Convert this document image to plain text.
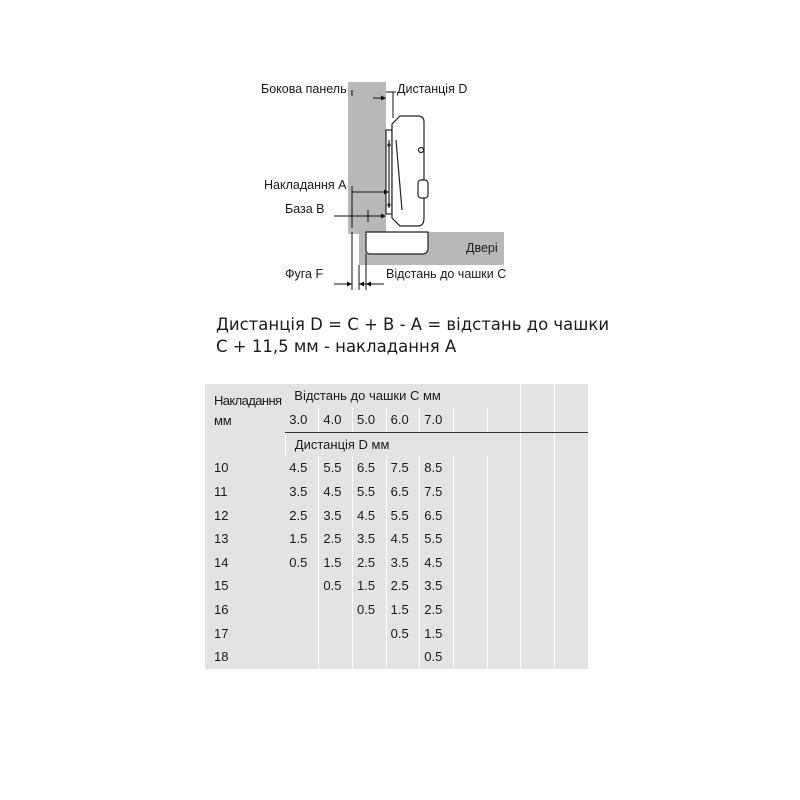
Бокова панель	Дистанція D
Накладання A
База B
Двері
Фуга F	Відстань до чашки C
Дистанція D = C + B - A = відстань до чашки
C + 11,5 мм - накладання A
Накладання
мм	Відстань до чашки C мм								
	3.0	4.0	5.0	6.0	7.0				
	Дистанція D мм								
10	4.5	5.5	6.5	7.5	8.5				
11	3.5	4.5	5.5	6.5	7.5				
12	2.5	3.5	4.5	5.5	6.5				
13	1.5	2.5	3.5	4.5	5.5				
14	0.5	1.5	2.5	3.5	4.5				
15		0.5	1.5	2.5	3.5				
16			0.5	1.5	2.5				
17				0.5	1.5				
18					0.5				
